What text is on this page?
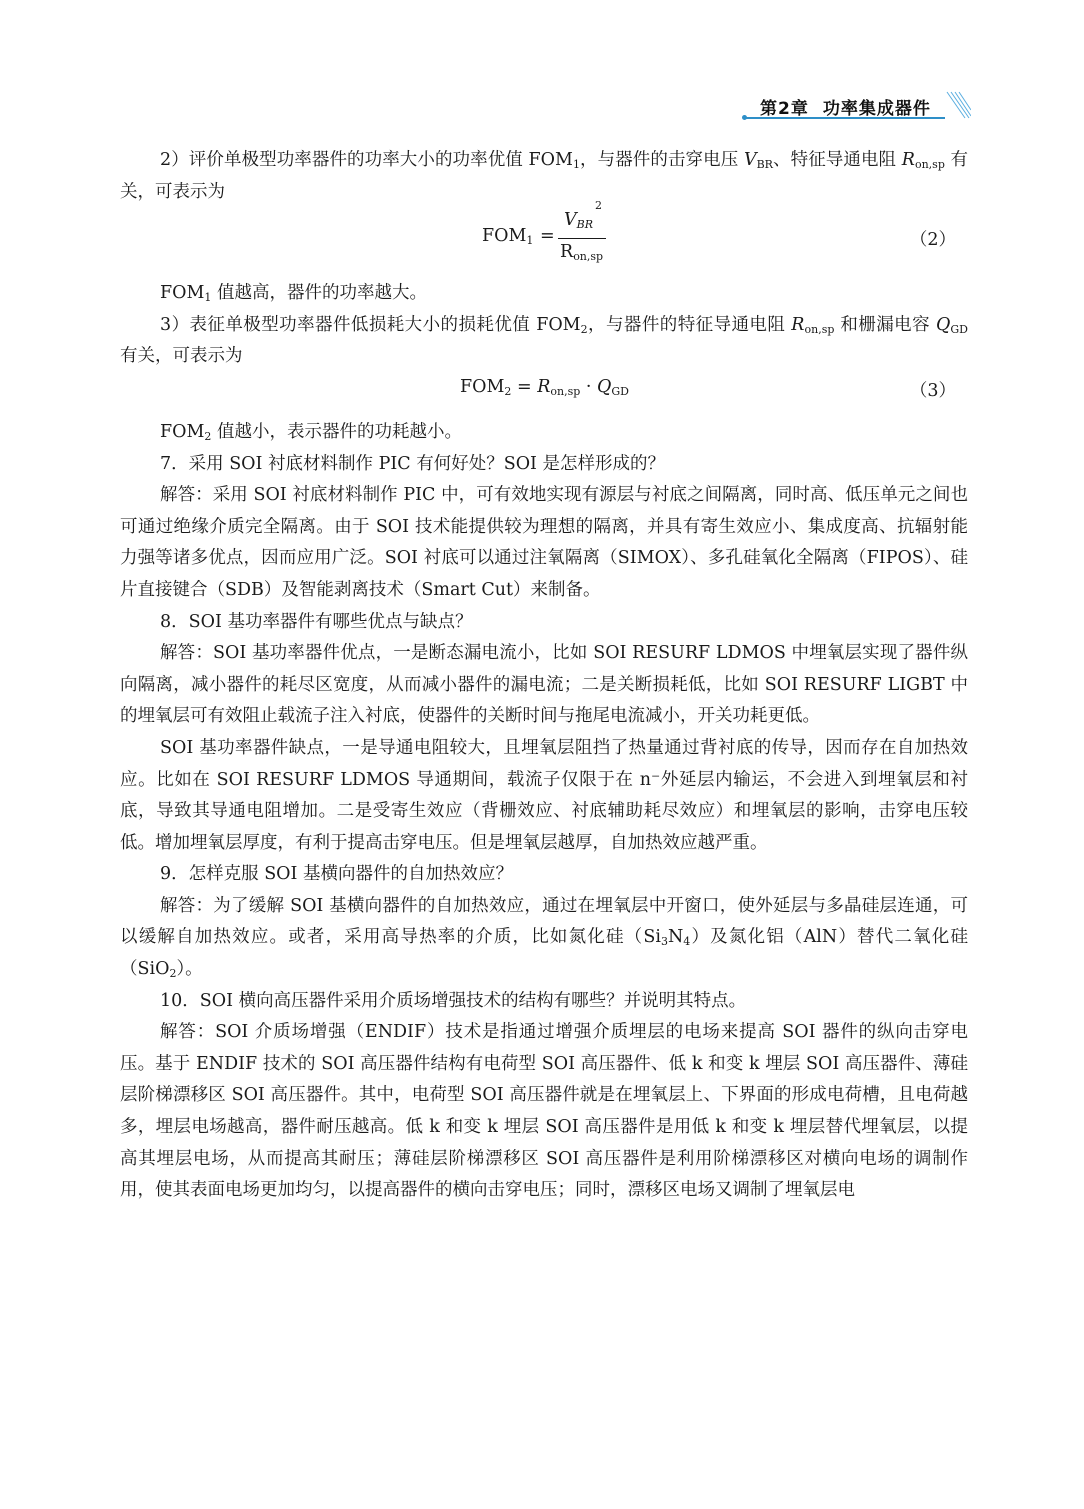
第2章 功率集成器件

2）评价单极型功率器件的功率大小的功率优值 $FOM_1$，与器件的击穿电压 $V_{BR}$、特征导通电阻 $R_{on,sp}$ 有关，可表示为

$FOM_1$ =
$V_{BR}^2$
$R_{on,sp}$
（2）

$FOM_1$ 值越高，器件的功率越大。

3）表征单极型功率器件低损耗大小的损耗优值 $FOM_2$，与器件的特征导通电阻 $R_{on,sp}$ 和栅漏电容 $Q_{GD}$ 有关，可表示为

$FOM_2 = R_{on,sp} \cdot Q_{GD}$	（3）

$FOM_2$ 值越小，表示器件的功耗越小。

7．采用 SOI 衬底材料制作 PIC 有何好处？SOI 是怎样形成的？

解答：采用 SOI 衬底材料制作 PIC 中，可有效地实现有源层与衬底之间隔离，同时高、低压单元之间也可通过绝缘介质完全隔离。由于 SOI 技术能提供较为理想的隔离，并具有寄生效应小、集成度高、抗辐射能力强等诸多优点，因而应用广泛。SOI 衬底可以通过注氧隔离（SIMOX）、多孔硅氧化全隔离（FIPOS）、硅片直接键合（SDB）及智能剥离技术（Smart Cut）来制备。

8．SOI 基功率器件有哪些优点与缺点？

解答：SOI 基功率器件优点，一是断态漏电流小，比如 SOI RESURF LDMOS 中埋氧层实现了器件纵向隔离，减小器件的耗尽区宽度，从而减小器件的漏电流；二是关断损耗低，比如 SOI RESURF LIGBT 中的埋氧层可有效阻止载流子注入衬底，使器件的关断时间与拖尾电流减小，开关功耗更低。

SOI 基功率器件缺点，一是导通电阻较大，且埋氧层阻挡了热量通过背衬底的传导，因而存在自加热效应。比如在 SOI RESURF LDMOS 导通期间，载流子仅限于在 n⁻外延层内输运，不会进入到埋氧层和衬底，导致其导通电阻增加。二是受寄生效应（背栅效应、衬底辅助耗尽效应）和埋氧层的影响，击穿电压较低。增加埋氧层厚度，有利于提高击穿电压。但是埋氧层越厚，自加热效应越严重。

9．怎样克服 SOI 基横向器件的自加热效应？

解答：为了缓解 SOI 基横向器件的自加热效应，通过在埋氧层中开窗口，使外延层与多晶硅层连通，可以缓解自加热效应。或者，采用高导热率的介质，比如氮化硅$(Si_3N_4)$及氮化铝（AlN）替代二氧化硅（SiO$_2$）。

10．SOI 横向高压器件采用介质场增强技术的结构有哪些？并说明其特点。

解答：SOI 介质场增强（ENDIF）技术是指通过增强介质埋层的电场来提高 SOI 器件的纵向击穿电压。基于 ENDIF 技术的 SOI 高压器件结构有电荷型 SOI 高压器件、低 k 和变 k 埋层 SOI 高压器件、薄硅层阶梯漂移区 SOI 高压器件。其中，电荷型 SOI 高压器件就是在埋氧层上、下界面的形成电荷槽，且电荷越多，埋层电场越高，器件耐压越高。低 k 和变 k 埋层 SOI 高压器件是用低 k 和变 k 埋层替代埋氧层，以提高其埋层电场，从而提高其耐压；薄硅层阶梯漂移区 SOI 高压器件是利用阶梯漂移区对横向电场的调制作用，使其表面电场更加均匀，以提高器件的横向击穿电压；同时，漂移区电场又调制了埋氧层电
